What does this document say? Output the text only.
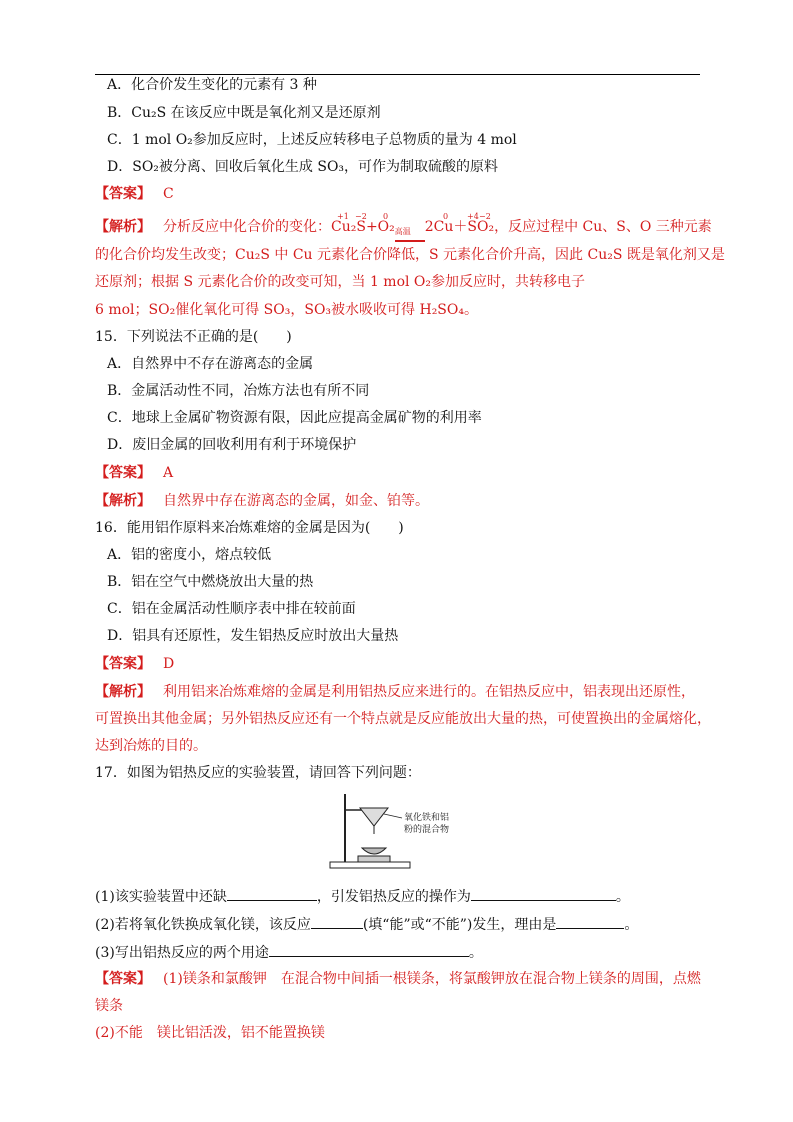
A．化合价发生变化的元素有 3 种
B．Cu₂S 在该反应中既是氧化剂又是还原剂
C．1 mol O₂参加反应时，上述反应转移电子总物质的量为 4 mol
D．SO₂被分离、回收后氧化生成 SO₃，可作为制取硫酸的原料
【答案】 C
【解析】 分析反应中化合价的变化：Cu₂S
+1 −2
+O₂
0
高温 2Cu＋S
0 +4
O₂
−2
，反应过程中 Cu、S、O 三种元素
的化合价均发生改变；Cu₂S 中 Cu 元素化合价降低，S 元素化合价升高，因此 Cu₂S 既是氧化剂又是
还原剂；根据 S 元素化合价的改变可知，当 1 mol O₂参加反应时，共转移电子
6 mol；SO₂催化氧化可得 SO₃，SO₃被水吸收可得 H₂SO₄。
15．下列说法不正确的是(　　)
A．自然界中不存在游离态的金属
B．金属活动性不同，冶炼方法也有所不同
C．地球上金属矿物资源有限，因此应提高金属矿物的利用率
D．废旧金属的回收利用有利于环境保护
【答案】 A
【解析】 自然界中存在游离态的金属，如金、铂等。
16．能用铝作原料来冶炼难熔的金属是因为(　　)
A．铝的密度小，熔点较低
B．铝在空气中燃烧放出大量的热
C．铝在金属活动性顺序表中排在较前面
D．铝具有还原性，发生铝热反应时放出大量热
【答案】 D
【解析】 利用铝来冶炼难熔的金属是利用铝热反应来进行的。在铝热反应中，铝表现出还原性，
可置换出其他金属；另外铝热反应还有一个特点就是反应能放出大量的热，可使置换出的金属熔化，
达到冶炼的目的。
17．如图为铝热反应的实验装置，请回答下列问题：
氧化铁和铝
粉的混合物
(1)该实验装置中还缺	，引发铝热反应的操作为	。
(2)若将氧化铁换成氧化镁，该反应	(填“能”或“不能”)发生，理由是	。
(3)写出铝热反应的两个用途	。
【答案】 (1)镁条和氯酸钾　在混合物中间插一根镁条，将氯酸钾放在混合物上镁条的周围，点燃
镁条
(2)不能　镁比铝活泼，铝不能置换镁
